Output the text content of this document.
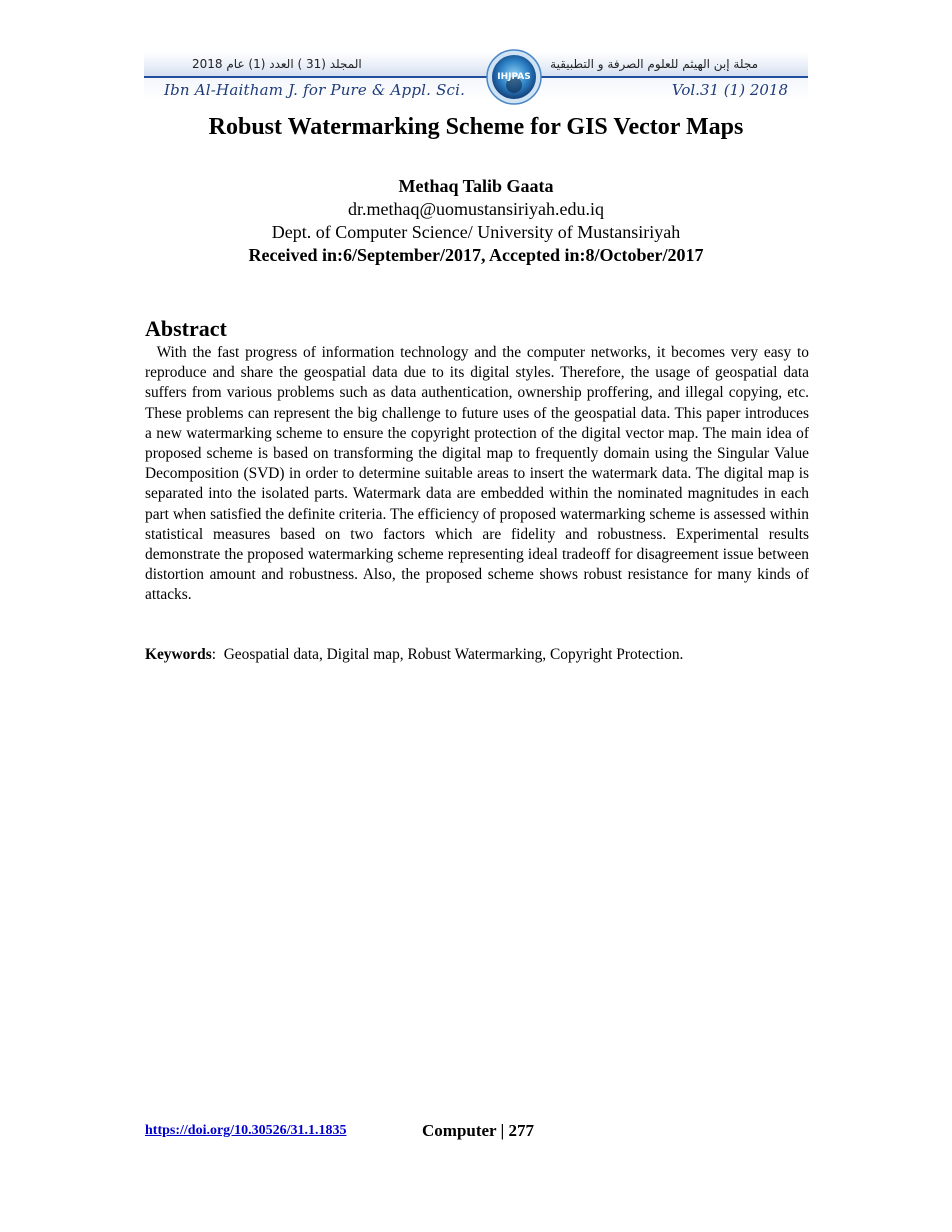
المجلد (31 ) العدد (1) عام 2018	مجلة إبن الهيثم للعلوم الصرفة و التطبيقية
Ibn Al-Haitham J. for Pure & Appl. Sci.	Vol.31 (1) 2018
IHJPAS
Robust Watermarking Scheme for GIS Vector Maps
Methaq Talib Gaata
dr.methaq@uomustansiriyah.edu.iq
Dept. of Computer Science/ University of Mustansiriyah
Received in:6/September/2017, Accepted in:8/October/2017
Abstract

With the fast progress of information technology and the computer networks, it becomes very easy to reproduce and share the geospatial data due to its digital styles. Therefore, the usage of geospatial data suffers from various problems such as data authentication, ownership proffering, and illegal copying, etc. These problems can represent the big challenge to future uses of the geospatial data. This paper introduces a new watermarking scheme to ensure the copyright protection of the digital vector map. The main idea of proposed scheme is based on transforming the digital map to frequently domain using the Singular Value Decomposition (SVD) in order to determine suitable areas to insert the watermark data. The digital map is separated into the isolated parts. Watermark data are embedded within the nominated magnitudes in each part when satisfied the definite criteria. The efficiency of proposed watermarking scheme is assessed within statistical measures based on two factors which are fidelity and robustness. Experimental results demonstrate the proposed watermarking scheme representing ideal tradeoff for disagreement issue between distortion amount and robustness. Also, the proposed scheme shows robust resistance for many kinds of attacks.

Keywords:  Geospatial data, Digital map, Robust Watermarking, Copyright Protection.
https://doi.org/10.30526/31.1.1835	Computer | 277
